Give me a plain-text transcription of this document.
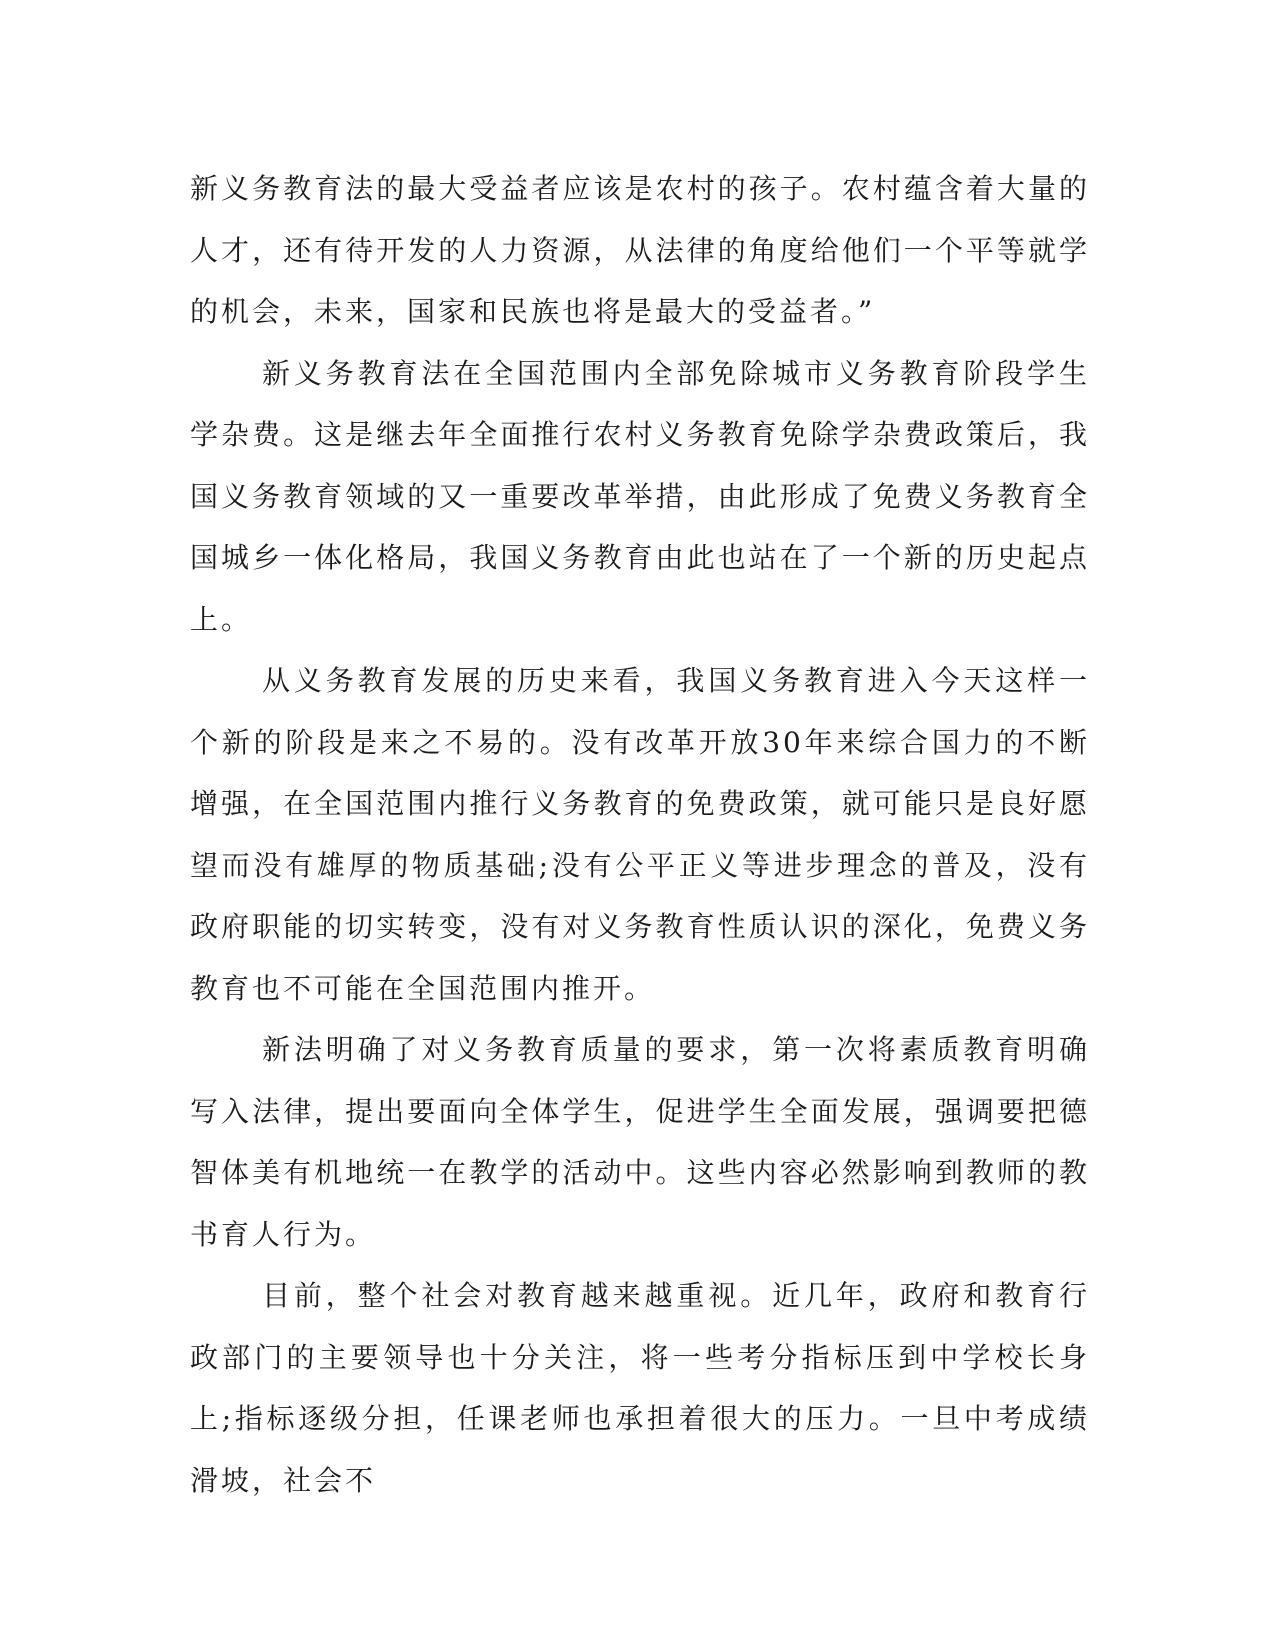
新义务教育法的最大受益者应该是农村的孩子。农村蕴含着大量的人才，还有待开发的人力资源，从法律的角度给他们一个平等就学的机会，未来，国家和民族也将是最大的受益者。”

新义务教育法在全国范围内全部免除城市义务教育阶段学生学杂费。这是继去年全面推行农村义务教育免除学杂费政策后，我国义务教育领域的又一重要改革举措，由此形成了免费义务教育全国城乡一体化格局，我国义务教育由此也站在了一个新的历史起点上。

从义务教育发展的历史来看，我国义务教育进入今天这样一个新的阶段是来之不易的。没有改革开放30年来综合国力的不断增强，在全国范围内推行义务教育的免费政策，就可能只是良好愿望而没有雄厚的物质基础;没有公平正义等进步理念的普及，没有政府职能的切实转变，没有对义务教育性质认识的深化，免费义务教育也不可能在全国范围内推开。

新法明确了对义务教育质量的要求，第一次将素质教育明确写入法律，提出要面向全体学生，促进学生全面发展，强调要把德智体美有机地统一在教学的活动中。这些内容必然影响到教师的教书育人行为。

目前，整个社会对教育越来越重视。近几年，政府和教育行政部门的主要领导也十分关注，将一些考分指标压到中学校长身上;指标逐级分担，任课老师也承担着很大的压力。一旦中考成绩滑坡，社会不
